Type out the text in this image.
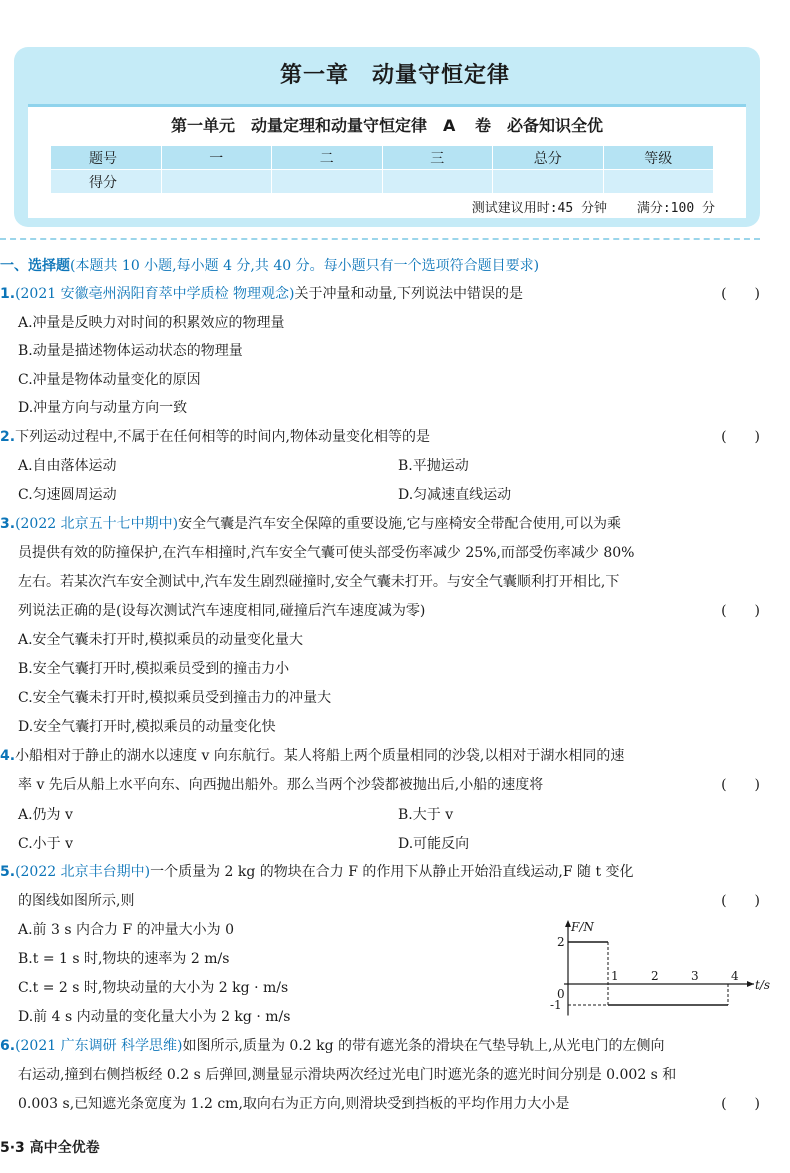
第一章　动量守恒定律
第一单元　动量定理和动量守恒定律　A 卷　必备知识全优
题号	一	二	三	总分	等级
得分					
测试建议用时:45 分钟 满分:100 分
一、选择题(本题共 10 小题,每小题 4 分,共 40 分。每小题只有一个选项符合题目要求)
1.(2021 安徽亳州涡阳育萃中学质检 物理观念)关于冲量和动量,下列说法中错误的是	(　　)
A.冲量是反映力对时间的积累效应的物理量
B.动量是描述物体运动状态的物理量
C.冲量是物体动量变化的原因
D.冲量方向与动量方向一致
2.下列运动过程中,不属于在任何相等的时间内,物体动量变化相等的是	(　　)
A.自由落体运动	B.平抛运动
C.匀速圆周运动	D.匀减速直线运动
3.(2022 北京五十七中期中)安全气囊是汽车安全保障的重要设施,它与座椅安全带配合使用,可以为乘
员提供有效的防撞保护,在汽车相撞时,汽车安全气囊可使头部受伤率减少 25%,而部受伤率减少 80%
左右。若某次汽车安全测试中,汽车发生剧烈碰撞时,安全气囊未打开。与安全气囊顺利打开相比,下
列说法正确的是(设每次测试汽车速度相同,碰撞后汽车速度减为零)	(　　)
A.安全气囊未打开时,模拟乘员的动量变化量大
B.安全气囊打开时,模拟乘员受到的撞击力小
C.安全气囊未打开时,模拟乘员受到撞击力的冲量大
D.安全气囊打开时,模拟乘员的动量变化快
4.小船相对于静止的湖水以速度 v 向东航行。某人将船上两个质量相同的沙袋,以相对于湖水相同的速
率 v 先后从船上水平向东、向西抛出船外。那么当两个沙袋都被抛出后,小船的速度将	(　　)
A.仍为 v	B.大于 v
C.小于 v	D.可能反向
5.(2022 北京丰台期中)一个质量为 2 kg 的物块在合力 F 的作用下从静止开始沿直线运动,F 随 t 变化
的图线如图所示,则	(　　)
A.前 3 s 内合力 F 的冲量大小为 0
B.t = 1 s 时,物块的速率为 2 m/s
C.t = 2 s 时,物块动量的大小为 2 kg · m/s
D.前 4 s 内动量的变化量大小为 2 kg · m/s
1	2	3	4
2
0
-1
F/N
t/s
6.(2021 广东调研 科学思维)如图所示,质量为 0.2 kg 的带有遮光条的滑块在气垫导轨上,从光电门的左侧向
右运动,撞到右侧挡板经 0.2 s 后弹回,测量显示滑块两次经过光电门时遮光条的遮光时间分别是 0.002 s 和
0.003 s,已知遮光条宽度为 1.2 cm,取向右为正方向,则滑块受到挡板的平均作用力大小是	(　　)
5·3 高中全优卷
